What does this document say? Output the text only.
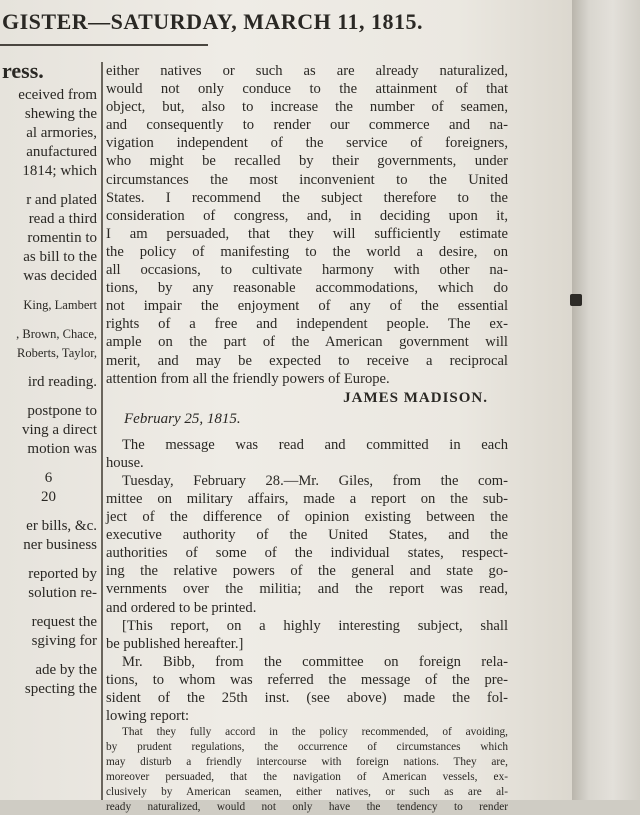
GISTER—SATURDAY, MARCH 11, 1815.
ress.
eceived from
shewing the
al armories,
anufactured
1814; which
r and plated
read a third
romentin to
as bill to the
was decided
King, Lambert
, Brown, Chace,
Roberts, Taylor,
ird reading.
postpone to
ving a direct
motion was
6
20
er bills, &c.
ner business
reported by
solution re-
request the
sgiving for
ade by the
specting the
either natives or such as are already naturalized,
would not only conduce to the attainment of that
object, but, also to increase the number of seamen,
and consequently to render our commerce and na-
vigation independent of the service of foreigners,
who might be recalled by their governments, under
circumstances the most inconvenient to the United
States. I recommend the subject therefore to the
consideration of congress, and, in deciding upon it,
I am persuaded, that they will sufficiently estimate
the policy of manifesting to the world a desire, on
all occasions, to cultivate harmony with other na-
tions, by any reasonable accommodations, which do
not impair the enjoyment of any of the essential
rights of a free and independent people. The ex-
ample on the part of the American government will
merit, and may be expected to receive a reciprocal
attention from all the friendly powers of Europe.
JAMES MADISON.
February 25, 1815.
The message was read and committed in each
house.
Tuesday, February 28.—Mr. Giles, from the com-
mittee on military affairs, made a report on the sub-
ject of the difference of opinion existing between the
executive authority of the United States, and the
authorities of some of the individual states, respect-
ing the relative powers of the general and state go-
vernments over the militia; and the report was read,
and ordered to be printed.
[This report, on a highly interesting subject, shall
be published hereafter.]
Mr. Bibb, from the committee on foreign rela-
tions, to whom was referred the message of the pre-
sident of the 25th inst. (see above) made the fol-
lowing report:
That they fully accord in the policy recommended, of avoiding,
by prudent regulations, the occurrence of circumstances which
may disturb a friendly intercourse with foreign nations. They are,
moreover persuaded, that the navigation of American vessels, ex-
clusively by American seamen, either natives, or such as are al-
ready naturalized, would not only have the tendency to render
